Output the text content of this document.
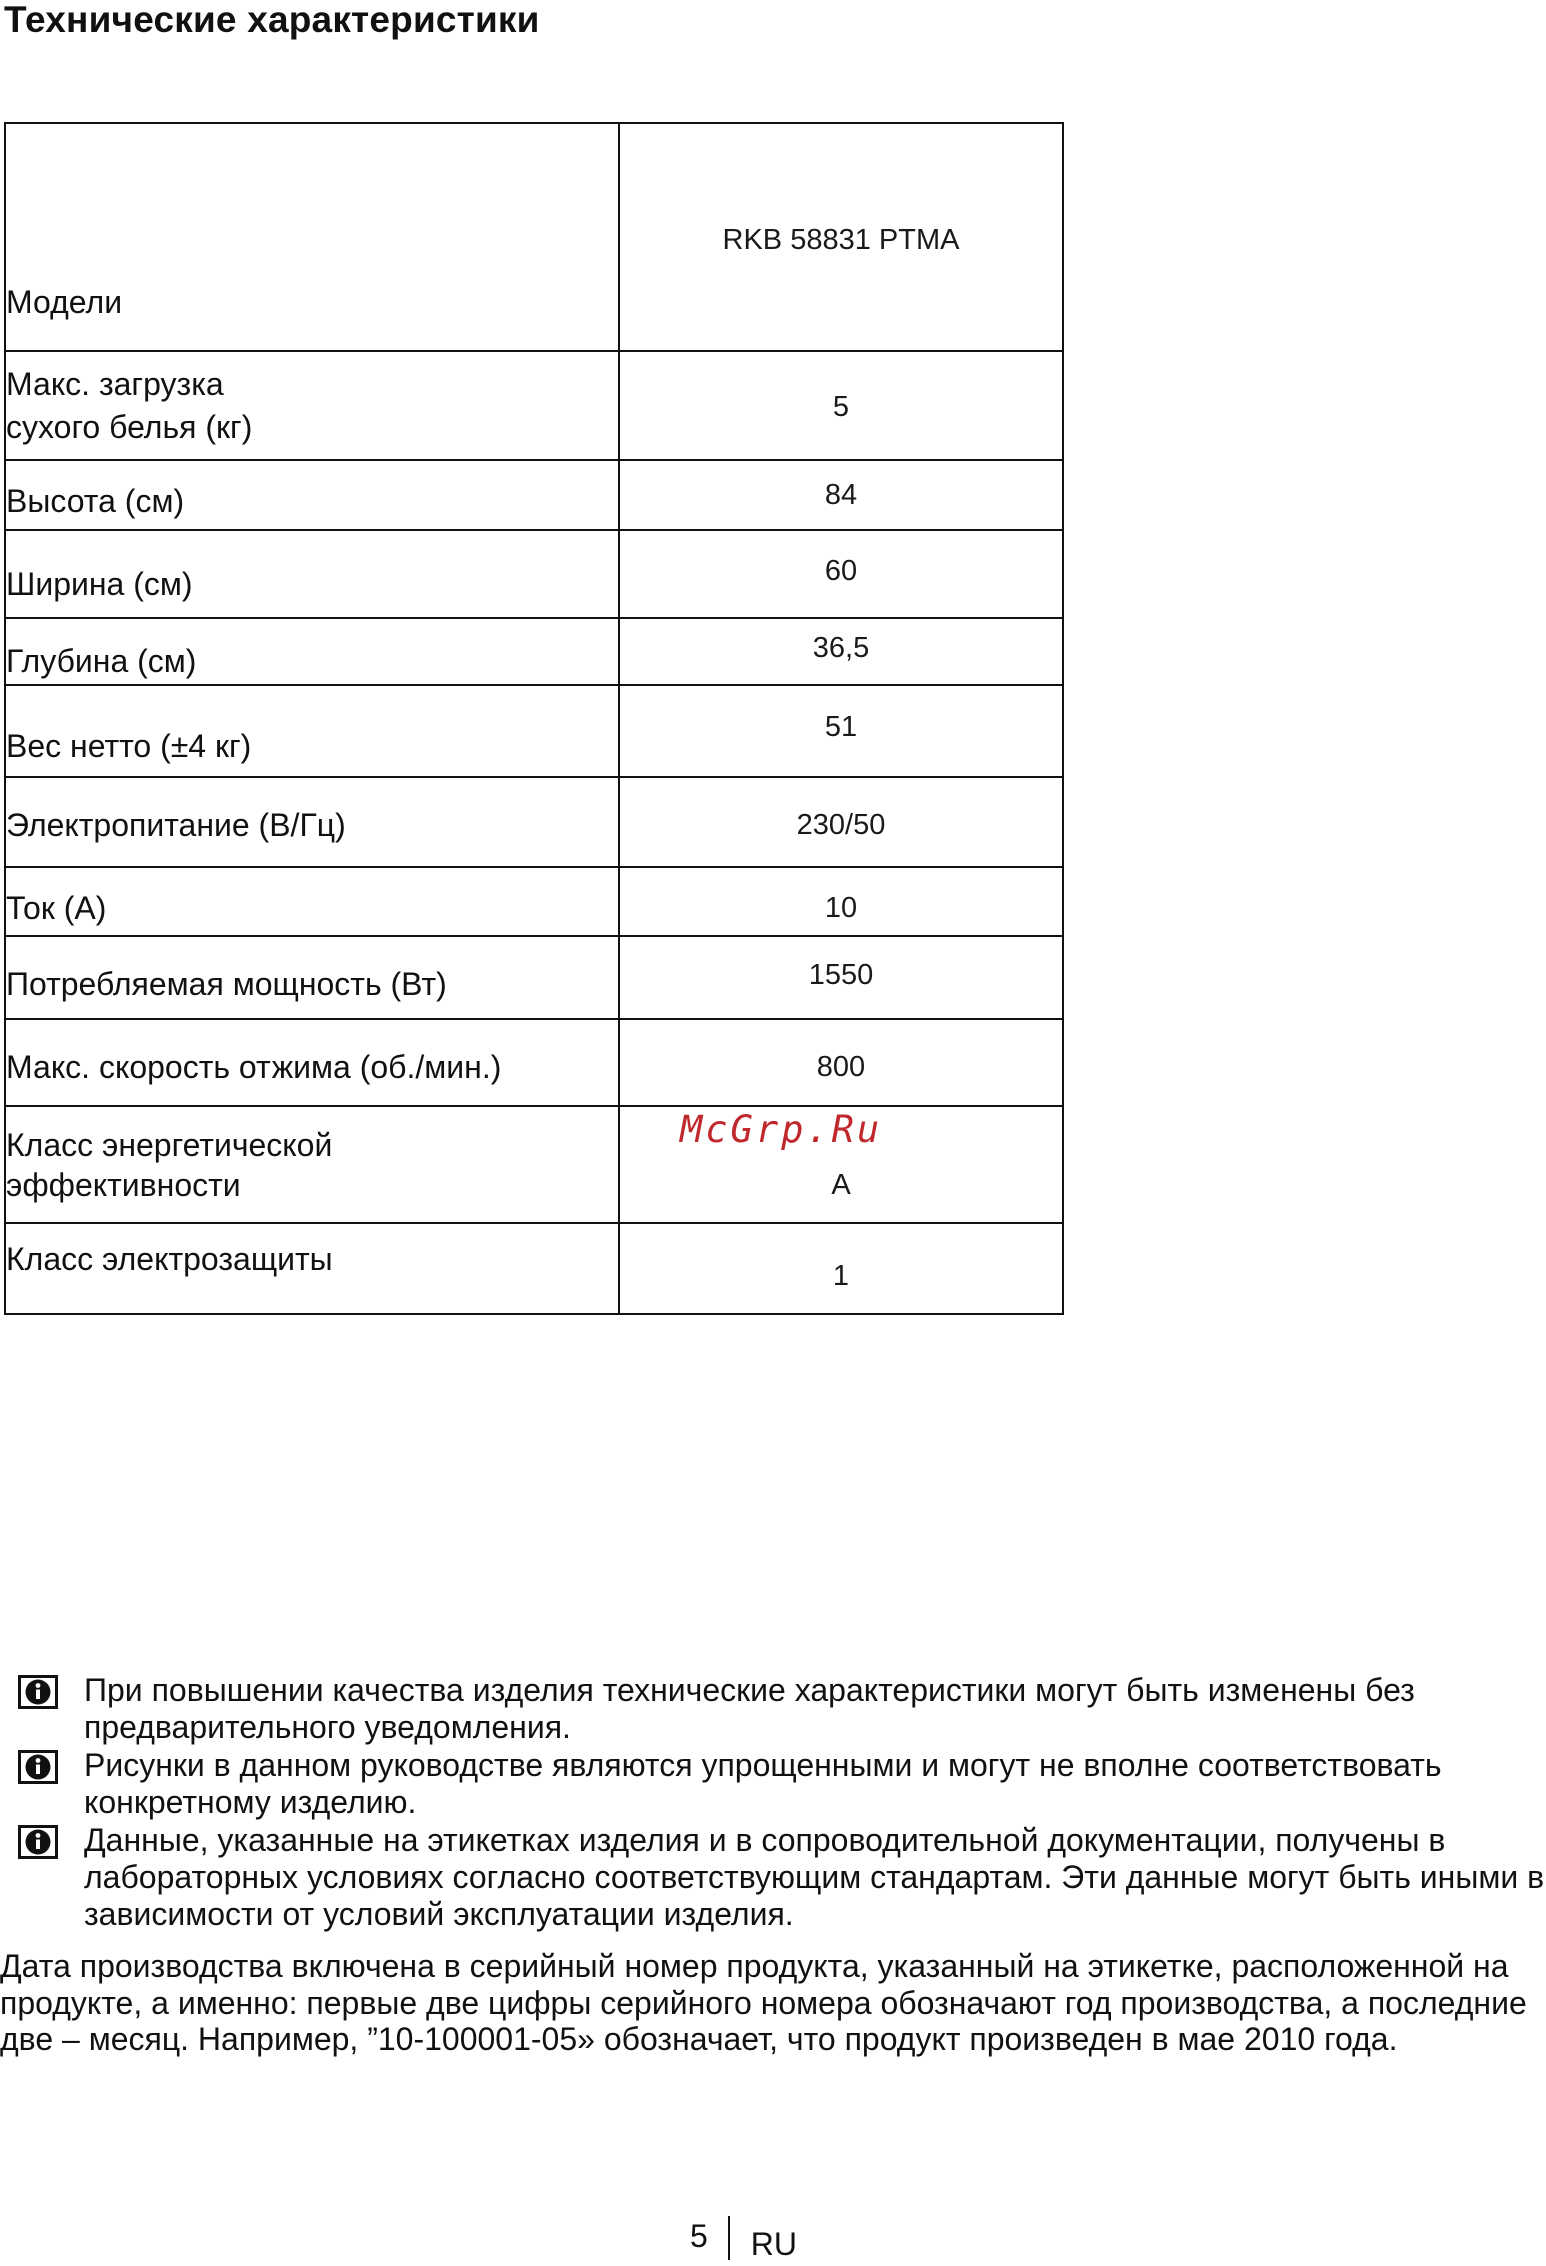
Технические характеристики
Модели	RKB 58831 PTMA
Макс. загрузка
сухого белья (кг)	5
Высота (см)	84
Ширина (см)	60
Глубина (см)	36,5
Вес нетто (±4 кг)	51
Электропитание (В/Гц)	230/50
Ток (А)	10
Потребляемая мощность (Вт)	1550
Макс. скорость отжима (об./мин.)	800
Класс энергетической
эффективности	A
Класс электрозащиты	1
McGrp.Ru
При повышении качества изделия технические характеристики могут быть изменены без предварительного уведомления.
Рисунки в данном руководстве являются упрощенными и могут не вполне соответствовать конкретному изделию.
Данные, указанные на этикетках изделия и в сопроводительной документации, получены в лабораторных условиях согласно соответствующим стандартам. Эти данные могут быть иными в зависимости от условий эксплуатации изделия.
Дата производства включена в серийный номер продукта, указанный на этикетке, расположенной на продукте, а именно: первые две цифры серийного номера обозначают год производства, а последние две – месяц. Например, ”10-100001-05» обозначает, что продукт произведен в мае 2010 года.
5 RU
